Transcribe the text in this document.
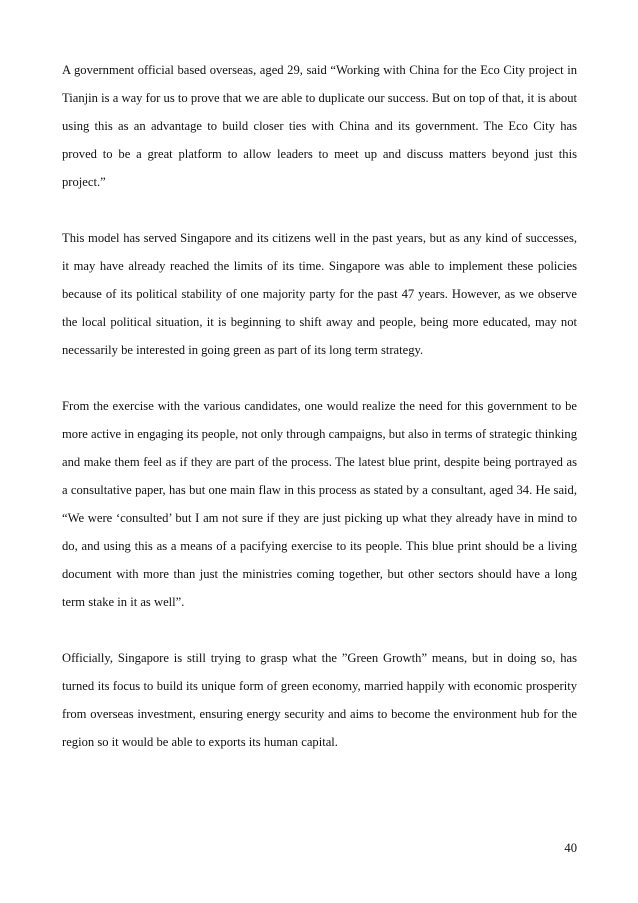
A government official based overseas, aged 29, said “Working with China for the Eco City project in Tianjin is a way for us to prove that we are able to duplicate our success. But on top of that, it is about using this as an advantage to build closer ties with China and its government. The Eco City has proved to be a great platform to allow leaders to meet up and discuss matters beyond just this project.”

This model has served Singapore and its citizens well in the past years, but as any kind of successes, it may have already reached the limits of its time. Singapore was able to implement these policies because of its political stability of one majority party for the past 47 years. However, as we observe the local political situation, it is beginning to shift away and people, being more educated, may not necessarily be interested in going green as part of its long term strategy.

From the exercise with the various candidates, one would realize the need for this government to be more active in engaging its people, not only through campaigns, but also in terms of strategic thinking and make them feel as if they are part of the process. The latest blue print, despite being portrayed as a consultative paper, has but one main flaw in this process as stated by a consultant, aged 34. He said, “We were ‘consulted’ but I am not sure if they are just picking up what they already have in mind to do, and using this as a means of a pacifying exercise to its people. This blue print should be a living document with more than just the ministries coming together, but other sectors should have a long term stake in it as well”.

Officially, Singapore is still trying to grasp what the ”Green Growth” means, but in doing so, has turned its focus to build its unique form of green economy, married happily with economic prosperity from overseas investment, ensuring energy security and aims to become the environment hub for the region so it would be able to exports its human capital.

40
